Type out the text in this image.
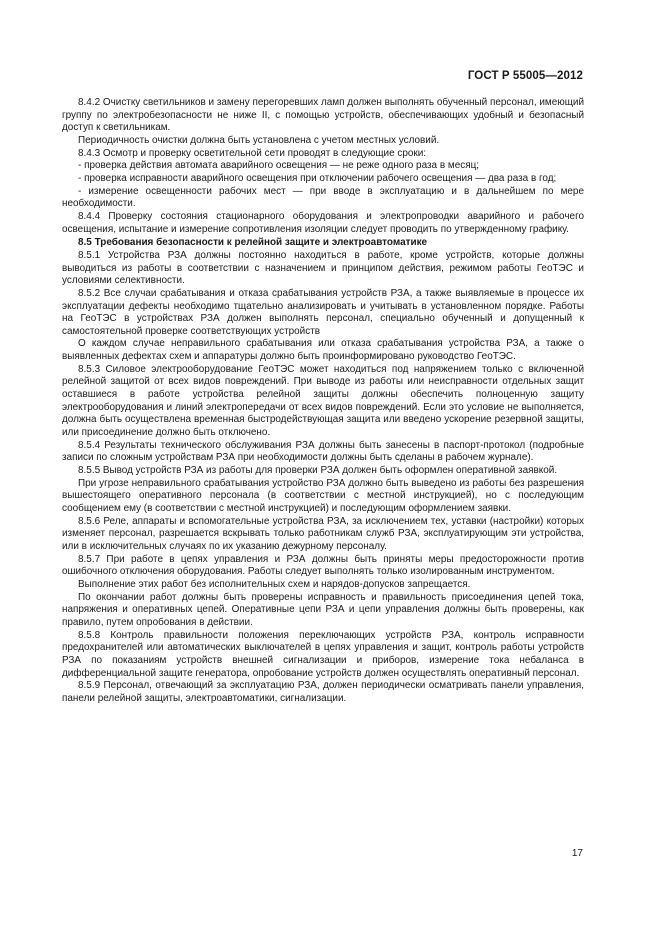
ГОСТ Р 55005—2012

8.4.2 Очистку светильников и замену перегоревших ламп должен выполнять обученный персонал, имеющий группу по электробезопасности не ниже II, с помощью устройств, обеспечивающих удобный и безопасный доступ к светильникам.

Периодичность очистки должна быть установлена с учетом местных условий.

8.4.3 Осмотр и проверку осветительной сети проводят в следующие сроки:

- проверка действия автомата аварийного освещения — не реже одного раза в месяц;

- проверка исправности аварийного освещения при отключении рабочего освещения — два раза в год;

- измерение освещенности рабочих мест — при вводе в эксплуатацию и в дальнейшем по мере необходимости.

8.4.4 Проверку состояния стационарного оборудования и электропроводки аварийного и рабочего освещения, испытание и измерение сопротивления изоляции следует проводить по утвержденному графику.

8.5 Требования безопасности к релейной защите и электроавтоматике

8.5.1 Устройства РЗА должны постоянно находиться в работе, кроме устройств, которые должны выводиться из работы в соответствии с назначением и принципом действия, режимом работы ГеоТЭС и условиями селективности.

8.5.2 Все случаи срабатывания и отказа срабатывания устройств РЗА, а также выявляемые в процессе их эксплуатации дефекты необходимо тщательно анализировать и учитывать в установленном порядке. Работы на ГеоТЭС в устройствах РЗА должен выполнять персонал, специально обученный и допущенный к самостоятельной проверке соответствующих устройств

О каждом случае неправильного срабатывания или отказа срабатывания устройства РЗА, а также о выявленных дефектах схем и аппаратуры должно быть проинформировано руководство ГеоТЭС.

8.5.3 Силовое электрооборудование ГеоТЭС может находиться под напряжением только с включенной релейной защитой от всех видов повреждений. При выводе из работы или неисправности отдельных защит оставшиеся в работе устройства релейной защиты должны обеспечить полноценную защиту электрооборудования и линий электропередачи от всех видов повреждений. Если это условие не выполняется, должна быть осуществлена временная быстродействующая защита или введено ускорение резервной защиты, или присоединение должно быть отключено.

8.5.4 Результаты технического обслуживания РЗА должны быть занесены в паспорт-протокол (подробные записи по сложным устройствам РЗА при необходимости должны быть сделаны в рабочем журнале).

8.5.5 Вывод устройств РЗА из работы для проверки РЗА должен быть оформлен оперативной заявкой.

При угрозе неправильного срабатывания устройство РЗА должно быть выведено из работы без разрешения вышестоящего оперативного персонала (в соответствии с местной инструкцией), но с последующим сообщением ему (в соответствии с местной инструкцией) и последующим оформлением заявки.

8.5.6 Реле, аппараты и вспомогательные устройства РЗА, за исключением тех, уставки (настройки) которых изменяет персонал, разрешается вскрывать только работникам служб РЗА, эксплуатирующим эти устройства, или в исключительных случаях по их указанию дежурному персоналу.

8.5.7 При работе в цепях управления и РЗА должны быть приняты меры предосторожности против ошибочного отключения оборудования. Работы следует выполнять только изолированным инструментом.

Выполнение этих работ без исполнительных схем и нарядов-допусков запрещается.

По окончании работ должны быть проверены исправность и правильность присоединения цепей тока, напряжения и оперативных цепей. Оперативные цепи РЗА и цепи управления должны быть проверены, как правило, путем опробования в действии.

8.5.8 Контроль правильности положения переключающих устройств РЗА, контроль исправности предохранителей или автоматических выключателей в цепях управления и защит, контроль работы устройств РЗА по показаниям устройств внешней сигнализации и приборов, измерение тока небаланса в дифференциальной защите генератора, опробование устройств должен осуществлять оперативный персонал.

8.5.9 Персонал, отвечающий за эксплуатацию РЗА, должен периодически осматривать панели управления, панели релейной защиты, электроавтоматики, сигнализации.

17
